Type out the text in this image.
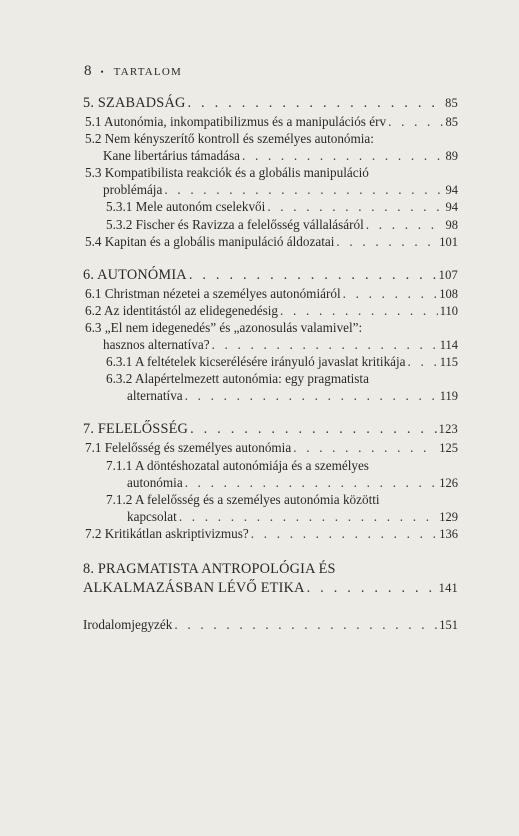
8 • TARTALOM
5. SZABADSÁG . . .	85
5.1 Autonómia, inkompatibilizmus és a manipulációs érv . . .	85
5.2 Nem kényszerítő kontroll és személyes autonómia:
Kane libertárius támadása . . .	89
5.3 Kompatibilista reakciók és a globális manipuláció
problémája . . .	94
5.3.1 Mele autonóm cselekvői . . .	94
5.3.2 Fischer és Ravizza a felelősség vállalásáról . . .	98
5.4 Kapitan és a globális manipuláció áldozatai . . .	101
6. AUTONÓMIA . . .	107
6.1 Christman nézetei a személyes autonómiáról . . .	108
6.2 Az identitástól az elidegenedésig . . .	110
6.3 „El nem idegenedés” és „azonosulás valamivel”:
hasznos alternatíva? . . .	114
6.3.1 A feltételek kicserélésére irányuló javaslat kritikája . . .	115
6.3.2 Alapértelmezett autonómia: egy pragmatista
alternatíva . . .	119
7. FELELŐSSÉG . . .	123
7.1 Felelősség és személyes autonómia . . .	125
7.1.1 A döntéshozatal autonómiája és a személyes
autonómia . . .	126
7.1.2 A felelősség és a személyes autonómia közötti
kapcsolat . . .	129
7.2 Kritikátlan askriptivizmus? . . .	136
8. PRAGMATISTA ANTROPOLÓGIA ÉS
ALKALMAZÁSBAN LÉVŐ ETIKA . . .	141
Irodalomjegyzék . . .	151
